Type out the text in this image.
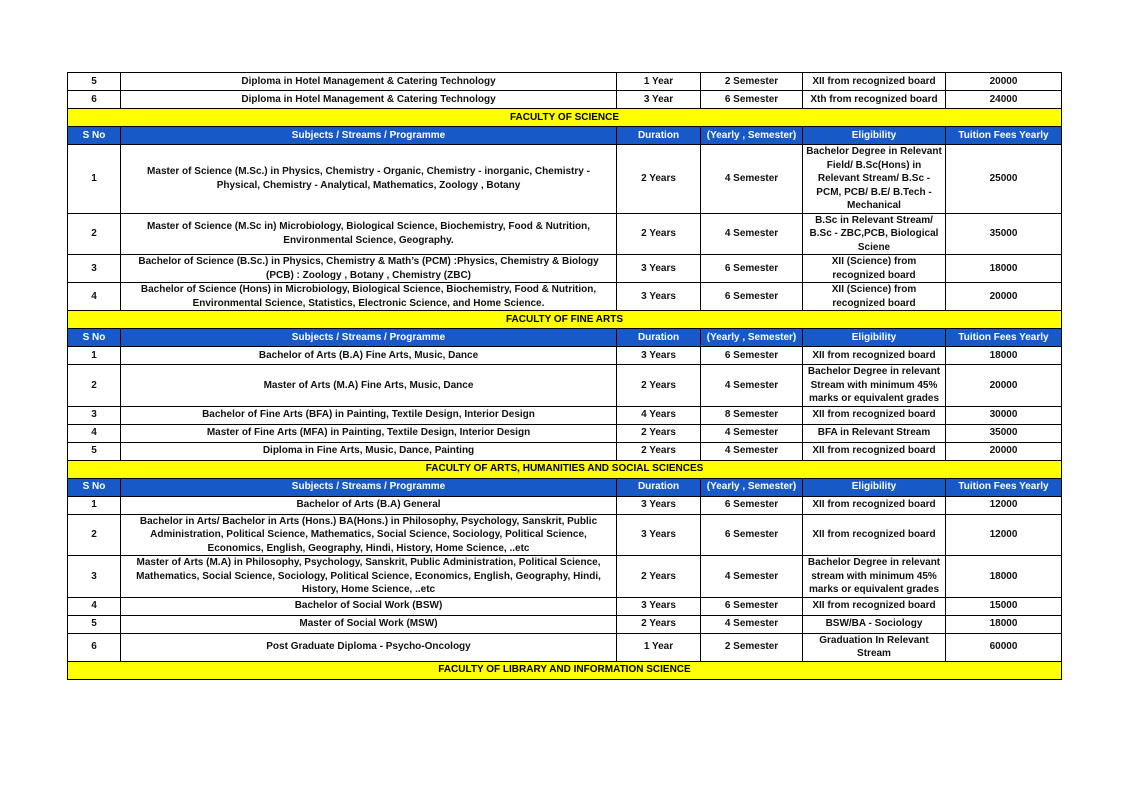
5	Diploma in Hotel Management & Catering Technology	1 Year	2 Semester	XII from recognized board	20000
6	Diploma in Hotel Management & Catering Technology	3 Year	6 Semester	Xth from recognized board	24000
FACULTY OF SCIENCE					
S No	Subjects / Streams / Programme	Duration	(Yearly , Semester)	Eligibility	Tuition Fees Yearly
1	Master of Science (M.Sc.) in Physics, Chemistry - Organic, Chemistry - inorganic, Chemistry - Physical, Chemistry - Analytical, Mathematics, Zoology , Botany	2 Years	4 Semester	Bachelor Degree in Relevant Field/ B.Sc(Hons) in Relevant Stream/ B.Sc - PCM, PCB/ B.E/ B.Tech - Mechanical	25000
2	Master of Science (M.Sc in) Microbiology, Biological Science, Biochemistry, Food & Nutrition, Environmental Science, Geography.	2 Years	4 Semester	B.Sc in Relevant Stream/ B.Sc - ZBC,PCB, Biological Sciene	35000
3	Bachelor of Science (B.Sc.) in Physics, Chemistry & Math’s (PCM) :Physics, Chemistry & Biology (PCB) : Zoology , Botany , Chemistry (ZBC)	3 Years	6 Semester	XII (Science) from recognized board	18000
4	Bachelor of Science (Hons) in Microbiology, Biological Science, Biochemistry, Food & Nutrition, Environmental Science, Statistics, Electronic Science, and Home Science.	3 Years	6 Semester	XII (Science) from recognized board	20000
FACULTY OF FINE ARTS					
S No	Subjects / Streams / Programme	Duration	(Yearly , Semester)	Eligibility	Tuition Fees Yearly
1	Bachelor of Arts (B.A) Fine Arts, Music, Dance	3 Years	6 Semester	XII from recognized board	18000
2	Master of Arts (M.A) Fine Arts, Music, Dance	2 Years	4 Semester	Bachelor Degree in relevant Stream with minimum 45% marks or equivalent grades	20000
3	Bachelor of Fine Arts (BFA) in Painting, Textile Design, Interior Design	4 Years	8 Semester	XII from recognized board	30000
4	Master of Fine Arts (MFA) in Painting, Textile Design, Interior Design	2 Years	4 Semester	BFA in Relevant Stream	35000
5	Diploma in Fine Arts, Music, Dance, Painting	2 Years	4 Semester	XII from recognized board	20000
FACULTY OF ARTS, HUMANITIES AND SOCIAL SCIENCES					
S No	Subjects / Streams / Programme	Duration	(Yearly , Semester)	Eligibility	Tuition Fees Yearly
1	Bachelor of Arts (B.A) General	3 Years	6 Semester	XII from recognized board	12000
2	Bachelor in Arts/ Bachelor in Arts (Hons.) BA(Hons.) in Philosophy, Psychology, Sanskrit, Public Administration, Political Science, Mathematics, Social Science, Sociology, Political Science, Economics, English, Geography, Hindi, History, Home Science, ..etc	3 Years	6 Semester	XII from recognized board	12000
3	Master of Arts (M.A) in Philosophy, Psychology, Sanskrit, Public Administration, Political Science, Mathematics, Social Science, Sociology, Political Science, Economics, English, Geography, Hindi, History, Home Science, ..etc	2 Years	4 Semester	Bachelor Degree in relevant stream with minimum 45% marks or equivalent grades	18000
4	Bachelor of Social Work (BSW)	3 Years	6 Semester	XII from recognized board	15000
5	Master of Social Work (MSW)	2 Years	4 Semester	BSW/BA - Sociology	18000
6	Post Graduate Diploma - Psycho-Oncology	1 Year	2 Semester	Graduation In Relevant Stream	60000
FACULTY OF LIBRARY AND INFORMATION SCIENCE					
